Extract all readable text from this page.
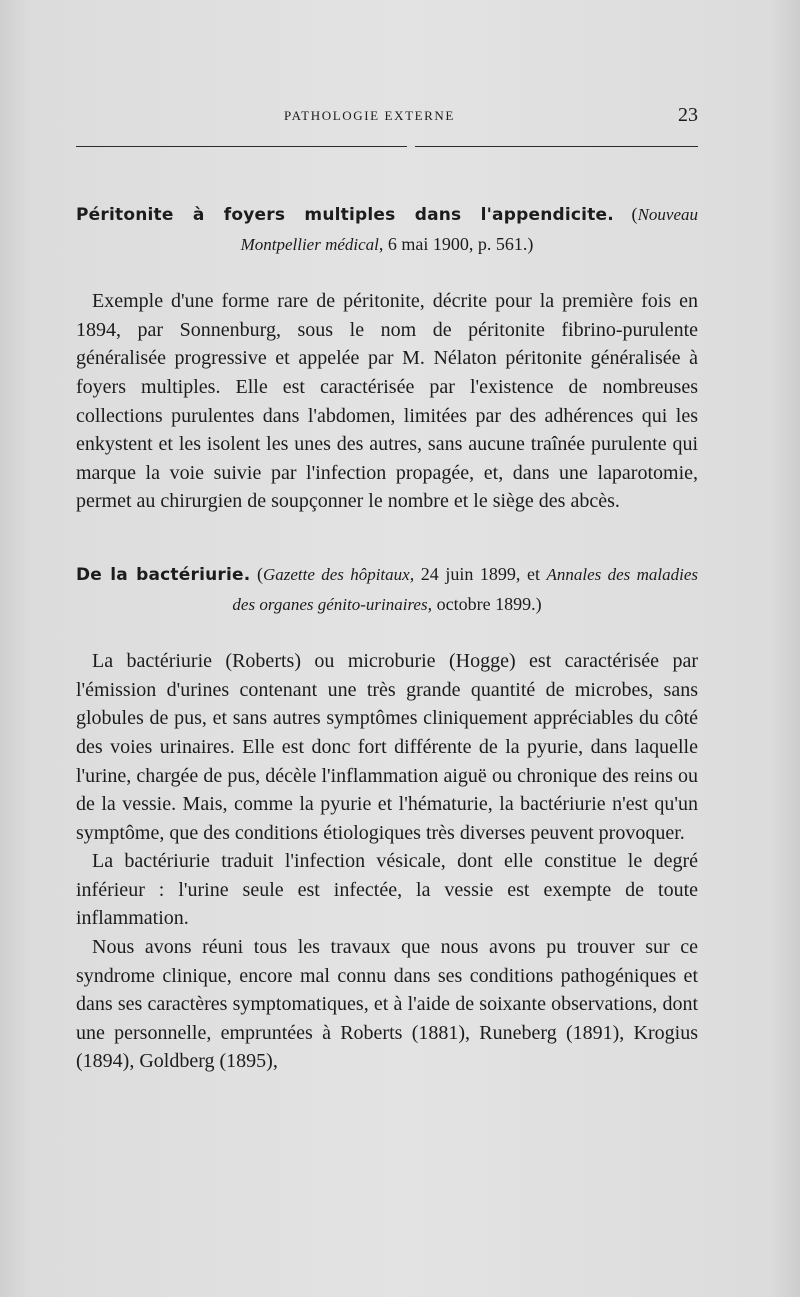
PATHOLOGIE EXTERNE	23

Péritonite à foyers multiples dans l'appendicite. (Nouveau Montpellier médical, 6 mai 1900, p. 561.)

Exemple d'une forme rare de péritonite, décrite pour la première fois en 1894, par Sonnenburg, sous le nom de péritonite fibrino-purulente généralisée progressive et appelée par M. Nélaton péritonite généralisée à foyers multiples. Elle est caractérisée par l'existence de nombreuses collections purulentes dans l'abdomen, limitées par des adhérences qui les enkystent et les isolent les unes des autres, sans aucune traînée purulente qui marque la voie suivie par l'infection propagée, et, dans une laparotomie, permet au chirurgien de soupçonner le nombre et le siège des abcès.

De la bactériurie. (Gazette des hôpitaux, 24 juin 1899, et Annales des maladies des organes génito-urinaires, octobre 1899.)

La bactériurie (Roberts) ou microburie (Hogge) est caractérisée par l'émission d'urines contenant une très grande quantité de microbes, sans globules de pus, et sans autres symptômes cliniquement appréciables du côté des voies urinaires. Elle est donc fort différente de la pyurie, dans laquelle l'urine, chargée de pus, décèle l'inflammation aiguë ou chronique des reins ou de la vessie. Mais, comme la pyurie et l'hématurie, la bactériurie n'est qu'un symptôme, que des conditions étiologiques très diverses peuvent provoquer.

La bactériurie traduit l'infection vésicale, dont elle constitue le degré inférieur : l'urine seule est infectée, la vessie est exempte de toute inflammation.

Nous avons réuni tous les travaux que nous avons pu trouver sur ce syndrome clinique, encore mal connu dans ses conditions pathogéniques et dans ses caractères symptomatiques, et à l'aide de soixante observations, dont une personnelle, empruntées à Roberts (1881), Runeberg (1891), Krogius (1894), Goldberg (1895),
